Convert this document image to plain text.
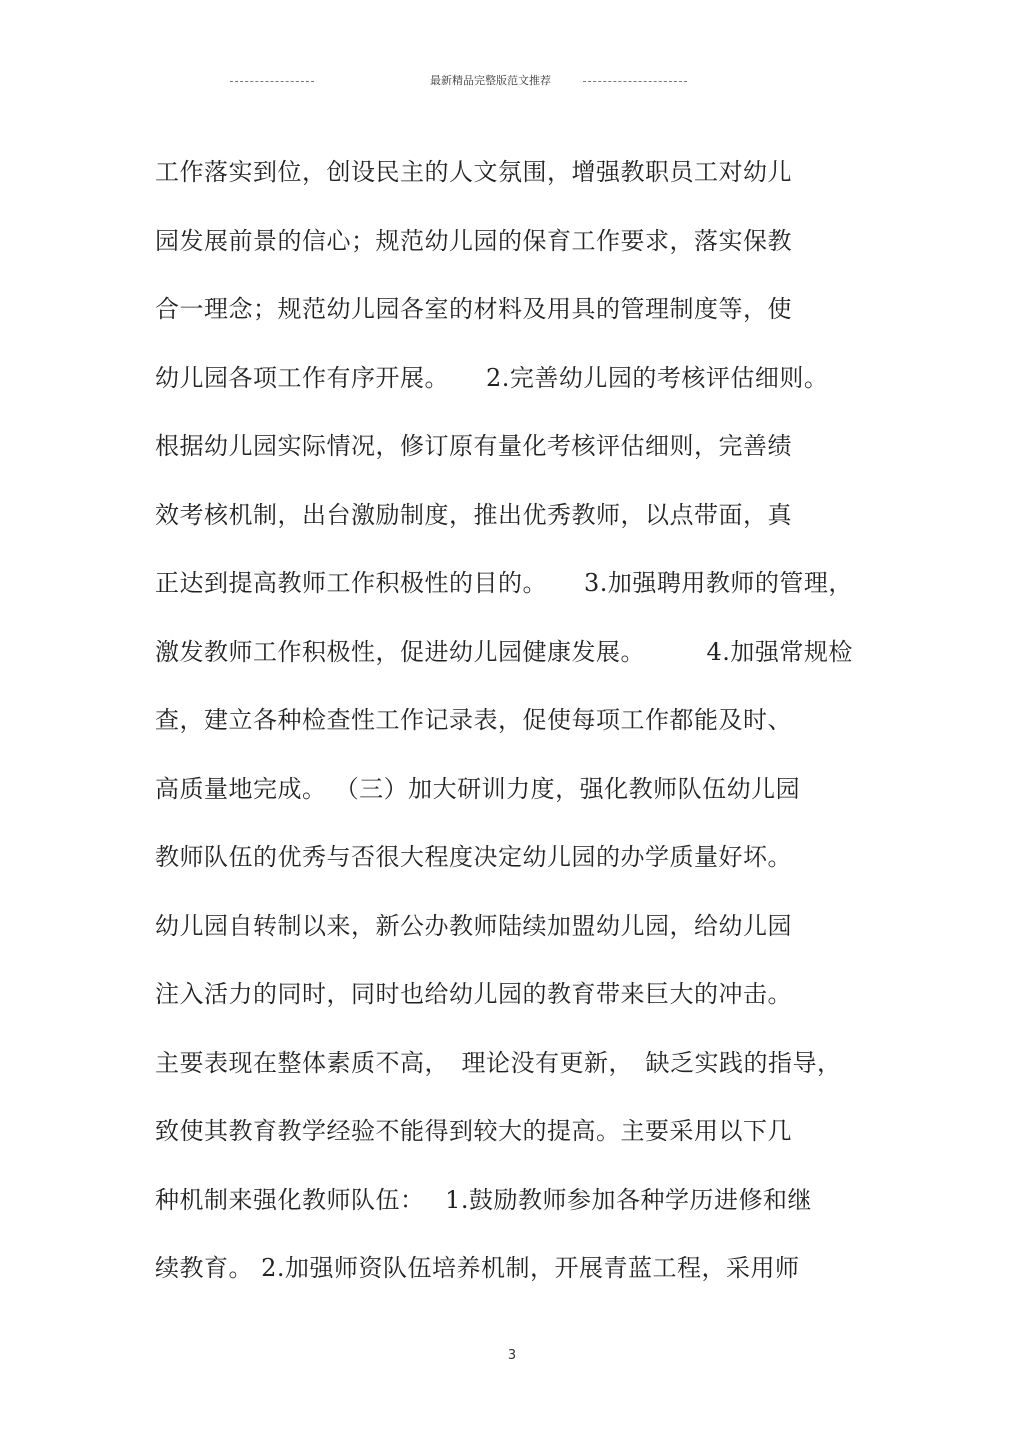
最新精品完整版范文推荐
工作落实到位，创设民主的人文氛围，增强教职员工对幼儿
园发展前景的信心；规范幼儿园的保育工作要求，落实保教
合一理念；规范幼儿园各室的材料及用具的管理制度等，使
幼儿园各项工作有序开展。　　2.完善幼儿园的考核评估细则。
根据幼儿园实际情况，修订原有量化考核评估细则，完善绩
效考核机制，出台激励制度，推出优秀教师，以点带面，真
正达到提高教师工作积极性的目的。　　3.加强聘用教师的管理，
激发教师工作积极性，促进幼儿园健康发展。　　　4.加强常规检
查，建立各种检查性工作记录表，促使每项工作都能及时、
高质量地完成。 （三）加大研训力度，强化教师队伍幼儿园
教师队伍的优秀与否很大程度决定幼儿园的办学质量好坏。
幼儿园自转制以来，新公办教师陆续加盟幼儿园，给幼儿园
注入活力的同时，同时也给幼儿园的教育带来巨大的冲击。
主要表现在整体素质不高，　理论没有更新，　缺乏实践的指导，
致使其教育教学经验不能得到较大的提高。主要采用以下几
种机制来强化教师队伍：　 1.鼓励教师参加各种学历进修和继
续教育。 2.加强师资队伍培养机制，开展青蓝工程，采用师
3
